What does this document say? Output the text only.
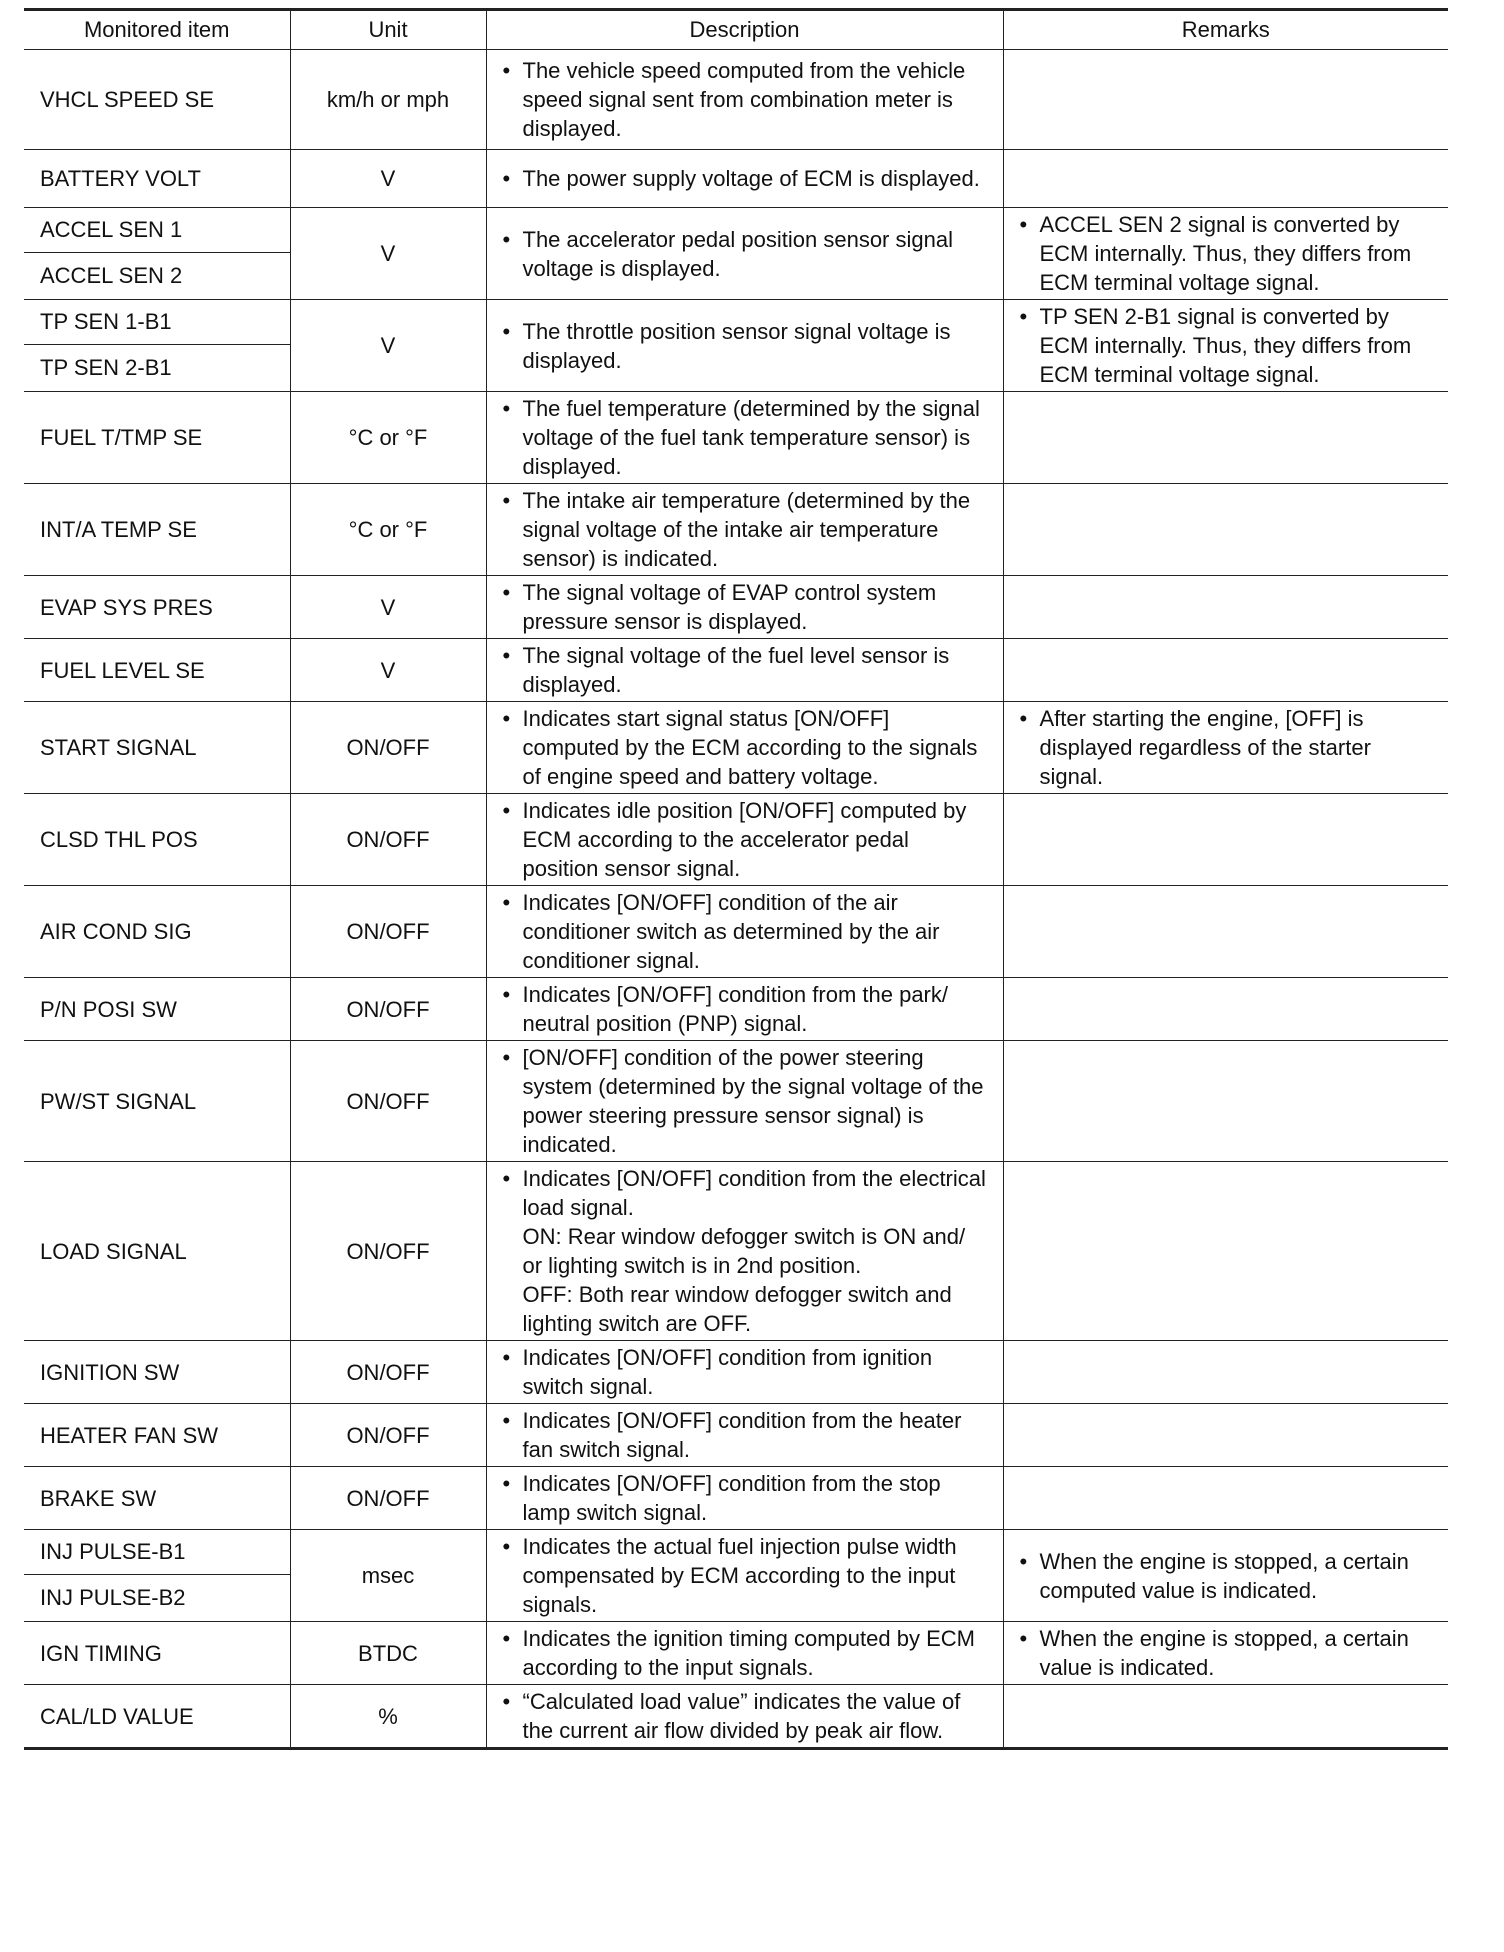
Monitored item	Unit	Description	Remarks
VHCL SPEED SE	km/h or mph	• The vehicle speed computed from the vehicle speed signal sent from combination meter is displayed.

BATTERY VOLT	V	• The power supply voltage of ECM is displayed.

ACCEL SEN 1	V	• The accelerator pedal position sensor signal voltage is displayed.	• ACCEL SEN 2 signal is converted by ECM internally. Thus, they differs from ECM terminal voltage signal.

ACCEL SEN 2			
TP SEN 1-B1	V	• The throttle position sensor signal voltage is displayed.	• TP SEN 2-B1 signal is converted by ECM internally. Thus, they differs from ECM terminal voltage signal.

TP SEN 2-B1			
FUEL T/TMP SE	°C or °F	• The fuel temperature (determined by the signal voltage of the fuel tank temperature sensor) is displayed.

INT/A TEMP SE	°C or °F	• The intake air temperature (determined by the signal voltage of the intake air temperature sensor) is indicated.

EVAP SYS PRES	V	• The signal voltage of EVAP control system pressure sensor is displayed.

FUEL LEVEL SE	V	• The signal voltage of the fuel level sensor is displayed.

START SIGNAL	ON/OFF	• Indicates start signal status [ON/OFF] computed by the ECM according to the signals of engine speed and battery voltage.	• After starting the engine, [OFF] is displayed regardless of the starter signal.

CLSD THL POS	ON/OFF	• Indicates idle position [ON/OFF] computed by ECM according to the accelerator pedal position sensor signal.

AIR COND SIG	ON/OFF	• Indicates [ON/OFF] condition of the air conditioner switch as determined by the air conditioner signal.

P/N POSI SW	ON/OFF	• Indicates [ON/OFF] condition from the park/ neutral position (PNP) signal.

PW/ST SIGNAL	ON/OFF	• [ON/OFF] condition of the power steering system (determined by the signal voltage of the power steering pressure sensor signal) is indicated.

LOAD SIGNAL	ON/OFF	• Indicates [ON/OFF] condition from the electrical load signal.
ON: Rear window defogger switch is ON and/ or lighting switch is in 2nd position.
OFF: Both rear window defogger switch and lighting switch are OFF.

IGNITION SW	ON/OFF	• Indicates [ON/OFF] condition from ignition switch signal.

HEATER FAN SW	ON/OFF	• Indicates [ON/OFF] condition from the heater fan switch signal.

BRAKE SW	ON/OFF	• Indicates [ON/OFF] condition from the stop lamp switch signal.

INJ PULSE-B1	msec	• Indicates the actual fuel injection pulse width compensated by ECM according to the input signals.	• When the engine is stopped, a certain computed value is indicated.

INJ PULSE-B2			
IGN TIMING	BTDC	• Indicates the ignition timing computed by ECM according to the input signals.	• When the engine is stopped, a certain value is indicated.

CAL/LD VALUE	%	• “Calculated load value” indicates the value of the current air flow divided by peak air flow.
